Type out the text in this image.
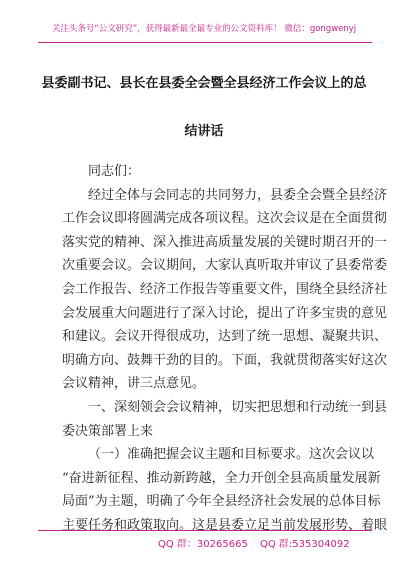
关注头条号“公文研究”，获得最新最全最专业的公文资料库！ 微信：gongwenyj
县委副书记、县长在县委全会暨全县经济工作会议上的总
结讲话
同志们：
经过全体与会同志的共同努力，县委全会暨全县经济
工作会议即将圆满完成各项议程。这次会议是在全面贯彻
落实党的精神、深入推进高质量发展的关键时期召开的一
次重要会议。会议期间，大家认真听取并审议了县委常委
会工作报告、经济工作报告等重要文件，围绕全县经济社
会发展重大问题进行了深入讨论，提出了许多宝贵的意见
和建议。会议开得很成功，达到了统一思想、凝聚共识、
明确方向、鼓舞干劲的目的。下面，我就贯彻落实好这次
会议精神，讲三点意见。
一、深刻领会会议精神，切实把思想和行动统一到县
委决策部署上来
（一）准确把握会议主题和目标要求。这次会议以
“奋进新征程、推动新跨越，全力开创全县高质量发展新
局面”为主题，明确了今年全县经济社会发展的总体目标
主要任务和政策取向。这是县委立足当前发展形势、着眼
QQ 群：30265665 QQ 群:535304092
